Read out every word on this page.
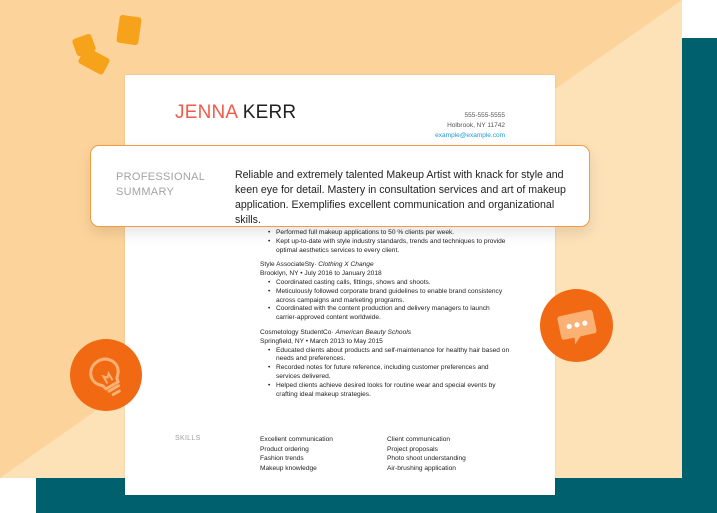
JENNA KERR	555-555-5555
Holbrook, NY 11742
example@example.com
• Performed full makeup applications to 50 % clients per week.
• Kept up-to-date with style industry standards, trends and techniques to provide optimal aesthetics services to every client.
Style AssociateSty· Clothing X Change
Brooklyn, NY • July 2016 to January 2018
• Coordinated casting calls, fittings, shows and shoots.
• Meticulously followed corporate brand guidelines to enable brand consistency across campaigns and marketing programs.
• Coordinated with the content production and delivery managers to launch carrier-approved content worldwide.
Cosmetology StudentCo· American Beauty Schools
Springfield, NY • March 2013 to May 2015
• Educated clients about products and self-maintenance for healthy hair based on needs and preferences.
• Recorded notes for future reference, including customer preferences and services delivered.
• Helped clients achieve desired looks for routine wear and special events by crafting ideal makeup strategies.
SKILLS	Excellent communication	Client communication
Product ordering	Project proposals
Fashion trends	Photo shoot understanding
Makeup knowledge	Air-brushing application
PROFESSIONAL SUMMARY
Reliable and extremely talented Makeup Artist with knack for style and keen eye for detail. Mastery in consultation services and art of makeup application. Exemplifies excellent communication and organizational skills.
